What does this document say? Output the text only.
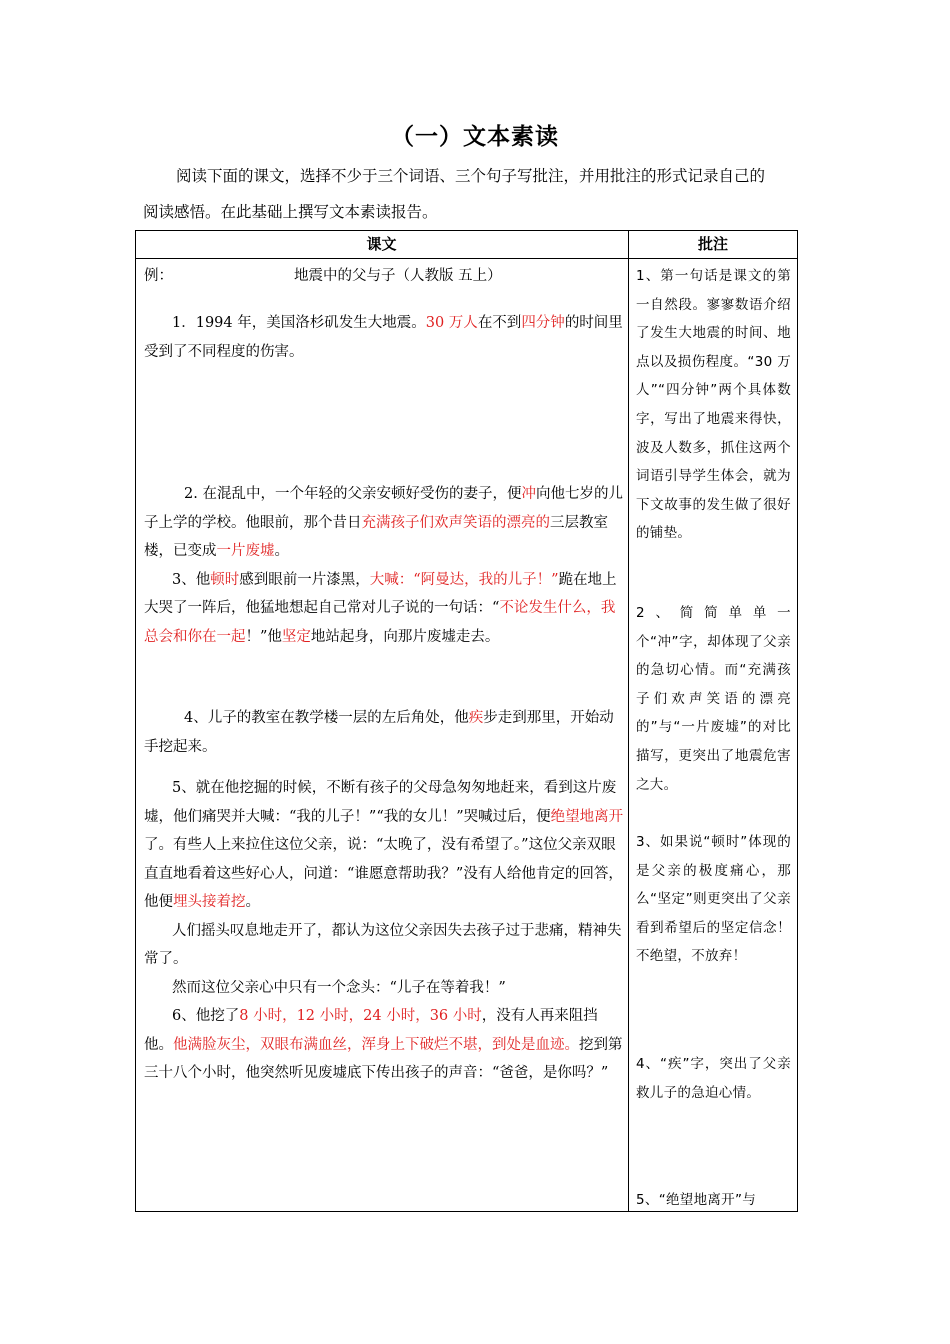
（一）文本素读

阅读下面的课文，选择不少于三个词语、三个句子写批注，并用批注的形式记录自己的

阅读感悟。在此基础上撰写文本素读报告。

课文	批注
例：	地震中的父与子（人教版 五上）

1．1994 年，美国洛杉矶发生大地震。30 万人在不到四分钟的时间里受到了不同程度的伤害。

2. 在混乱中，一个年轻的父亲安顿好受伤的妻子，便冲向他七岁的儿子上学的学校。他眼前，那个昔日充满孩子们欢声笑语的漂亮的三层教室楼，已变成一片废墟。

3、他顿时感到眼前一片漆黑，大喊：“阿曼达，我的儿子！”跪在地上大哭了一阵后，他猛地想起自己常对儿子说的一句话：“不论发生什么，我总会和你在一起！”他坚定地站起身，向那片废墟走去。

4、儿子的教室在教学楼一层的左后角处，他疾步走到那里，开始动手挖起来。

5、就在他挖掘的时候，不断有孩子的父母急匆匆地赶来，看到这片废墟，他们痛哭并大喊：“我的儿子！”“我的女儿！”哭喊过后，便绝望地离开了。有些人上来拉住这位父亲，说：“太晚了，没有希望了。”这位父亲双眼直直地看着这些好心人，问道：“谁愿意帮助我？”没有人给他肯定的回答，他便埋头接着挖。

人们摇头叹息地走开了，都认为这位父亲因失去孩子过于悲痛，精神失常了。

然而这位父亲心中只有一个念头：“儿子在等着我！”

6、他挖了8 小时，12 小时，24 小时，36 小时，没有人再来阻挡他。他满脸灰尘，双眼布满血丝，浑身上下破烂不堪，到处是血迹。挖到第三十八个小时，他突然听见废墟底下传出孩子的声音：“爸爸，是你吗？”

1、第一句话是课文的第一自然段。寥寥数语介绍了发生大地震的时间、地点以及损伤程度。“30 万人”“四分钟”两个具体数字，写出了地震来得快，波及人数多，抓住这两个词语引导学生体会，就为下文故事的发生做了很好的铺垫。
2、简简单单一个“冲”字，却体现了父亲的急切心情。而“充满孩子们欢声笑语的漂亮的”与“一片废墟”的对比描写，更突出了地震危害之大。
3、如果说“顿时”体现的是父亲的极度痛心，那么“坚定”则更突出了父亲看到希望后的坚定信念！不绝望，不放弃！
4、“疾”字，突出了父亲救儿子的急迫心情。
5、“绝望地离开”与
